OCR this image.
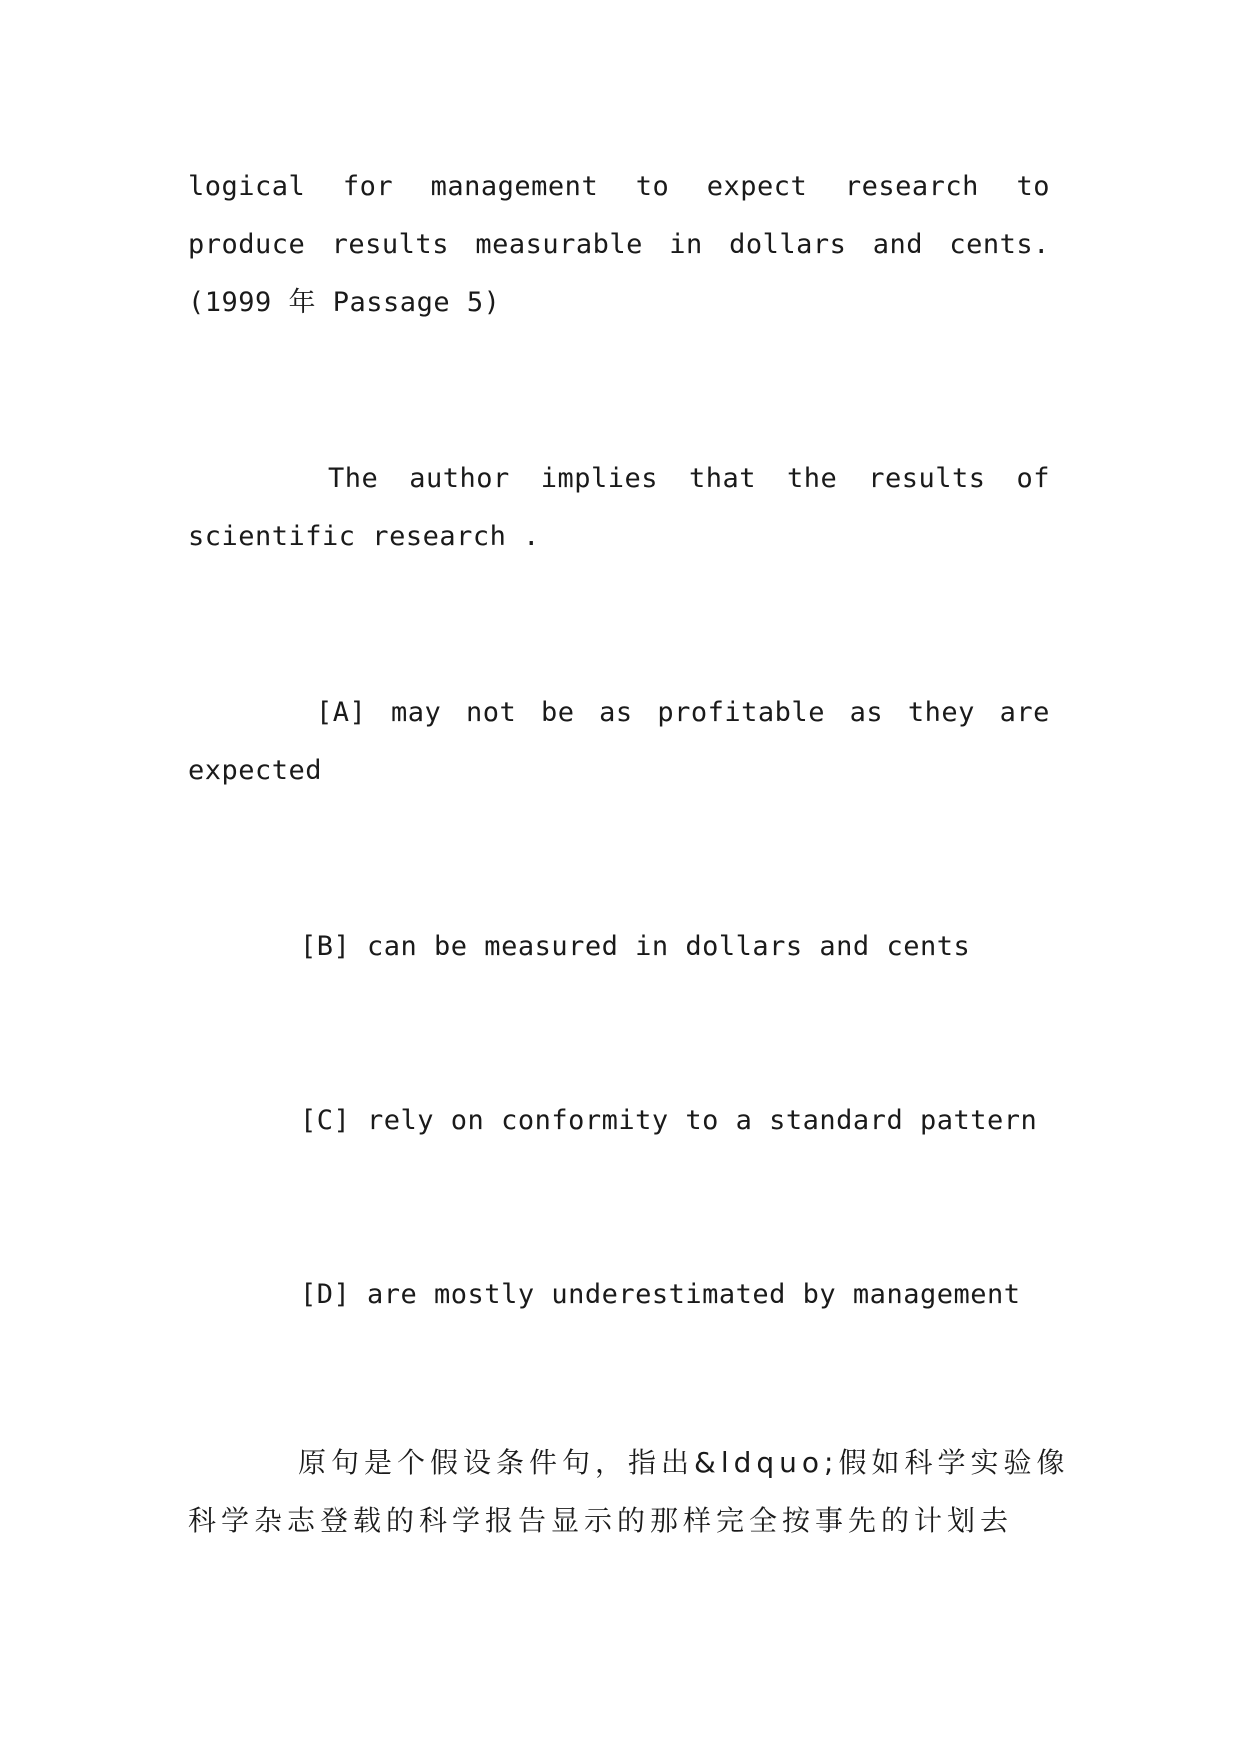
logical for management to expect research to
produce results measurable in dollars and cents.
(1999 年 Passage 5)
The author implies that the results of
scientific research .
[A] may not be as profitable as they are
expected
[B] can be measured in dollars and cents
[C] rely on conformity to a standard pattern
[D] are mostly underestimated by management
原句是个假设条件句，指出&ldquo;假如科学实验像
科学杂志登载的科学报告显示的那样完全按事先的计划去
